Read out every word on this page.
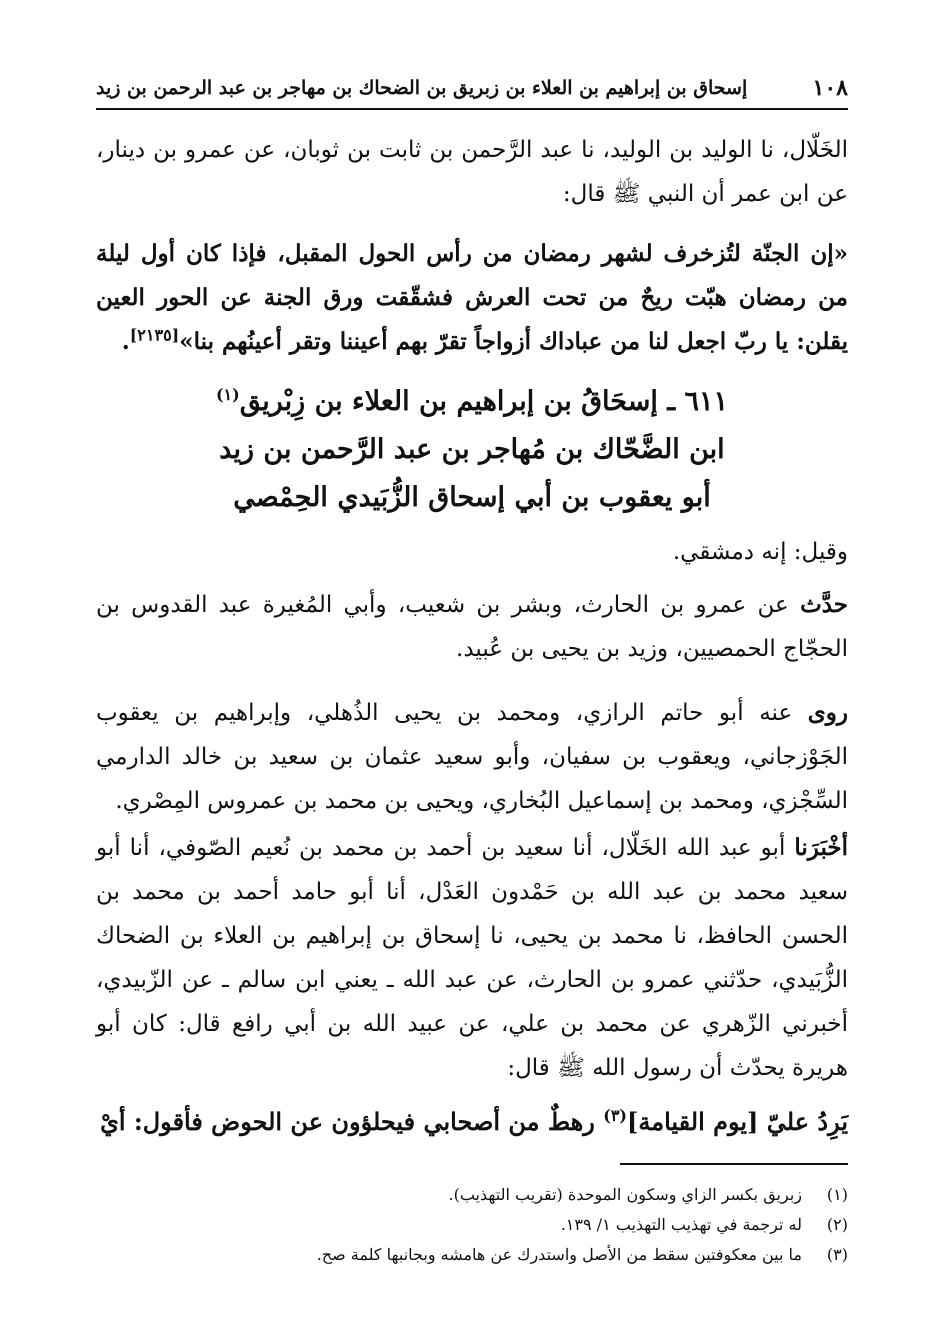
١٠٨
إسحاق بن إبراهيم بن العلاء بن زبريق بن الضحاك بن مهاجر بن عبد الرحمن بن زيد
الخَلّال، نا الوليد بن الوليد، نا عبد الرَّحمن بن ثابت بن ثوبان، عن عمرو بن دينار، عن ابن عمر أن النبي ﷺ قال:
«إن الجنّة لتُزخرف لشهر رمضان من رأس الحول المقبل، فإذا كان أول ليلة من رمضان هبّت ريحٌ من تحت العرش فشقّقت ورق الجنة عن الحور العين يقلن: يا ربّ اجعل لنا من عباداك أزواجاً تقرّ بهم أعيننا وتقر أعينُهم بنا»[٢١٣٥].
٦١١ ـ إسحَاقُ بن إبراهيم بن العلاء بن زِبْريق$^{(١)}$
ابن الضَّحّاك بن مُهاجر بن عبد الرَّحمن بن زيد
أبو يعقوب بن أبي إسحاق الزُّبَيدي الحِمْصي
وقيل: إنه دمشقي.
حدَّث عن عمرو بن الحارث، وبشر بن شعيب، وأبي المُغيرة عبد القدوس بن الحجّاج الحمصيين، وزيد بن يحيى بن عُبيد.
روى عنه أبو حاتم الرازي، ومحمد بن يحيى الذُهلي، وإبراهيم بن يعقوب الجَوْزجاني، ويعقوب بن سفيان، وأبو سعيد عثمان بن سعيد بن خالد الدارمي السِّجْزي، ومحمد بن إسماعيل البُخاري، ويحيى بن محمد بن عمروس المِصْري.
أخْبَرَنا أبو عبد الله الخَلّال، أنا سعيد بن أحمد بن محمد بن نُعيم الصّوفي، أنا أبو سعيد محمد بن عبد الله بن حَمْدون العَدْل، أنا أبو حامد أحمد بن محمد بن الحسن الحافظ، نا محمد بن يحيى، نا إسحاق بن إبراهيم بن العلاء بن الضحاك الزُّبَيدي، حدّثني عمرو بن الحارث، عن عبد الله ـ يعني ابن سالم ـ عن الزّبيدي، أخبرني الزّهري عن محمد بن علي، عن عبيد الله بن أبي رافع قال: كان أبو هريرة يحدّث أن رسول الله ﷺ قال:
يَرِدُ عليّ [يوم القيامة]$^{(٣)}$ رهطٌ من أصحابي فيحلؤون عن الحوض فأقول: أيْ
(١)
زبريق بكسر الزاي وسكون الموحدة (تقريب التهذيب).
(٢)
له ترجمة في تهذيب التهذيب ١/ ١٣٩.
(٣)
ما بين معكوفتين سقط من الأصل واستدرك عن هامشه وبجانبها كلمة صح.
